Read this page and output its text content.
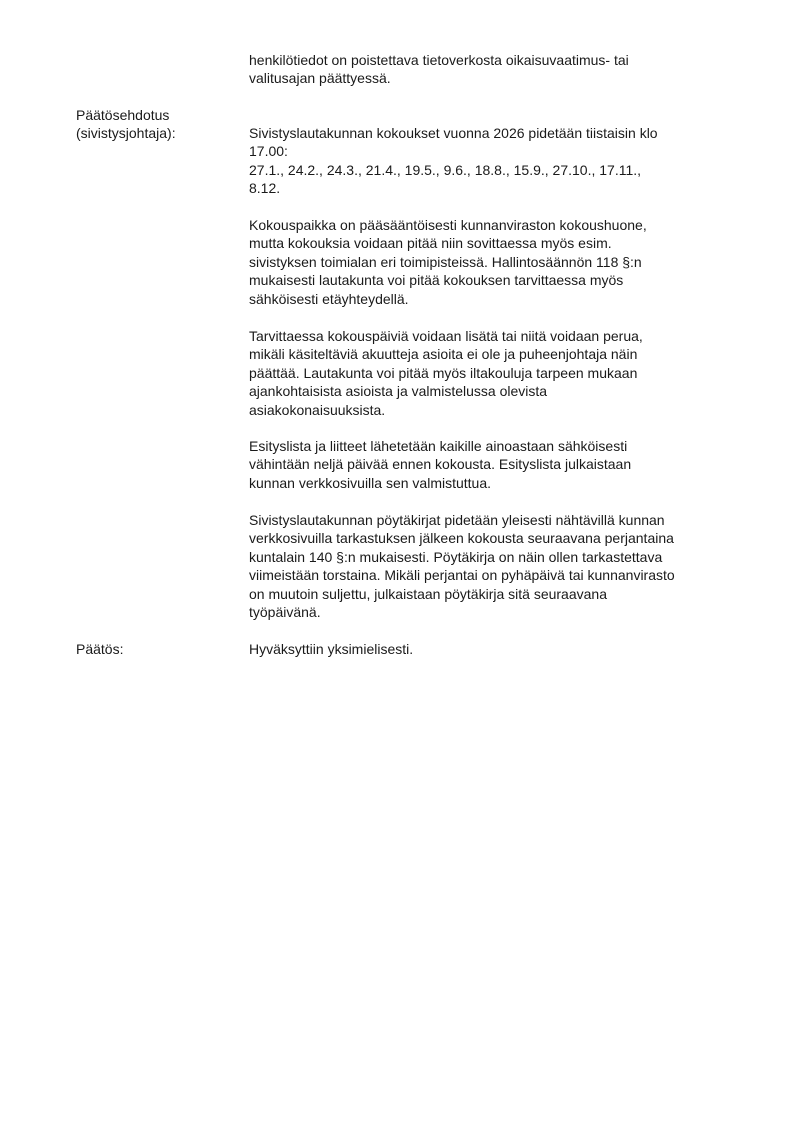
henkilötiedot on poistettava tietoverkosta oikaisuvaatimus- tai
valitusajan päättyessä.
Päätösehdotus
(sivistysjohtaja):	Sivistyslautakunnan kokoukset vuonna 2026 pidetään tiistaisin klo
17.00:
27.1., 24.2., 24.3., 21.4., 19.5., 9.6., 18.8., 15.9., 27.10., 17.11.,
8.12.
Kokouspaikka on pääsääntöisesti kunnanviraston kokoushuone,
mutta kokouksia voidaan pitää niin sovittaessa myös esim.
sivistyksen toimialan eri toimipisteissä. Hallintosäännön 118 §:n
mukaisesti lautakunta voi pitää kokouksen tarvittaessa myös
sähköisesti etäyhteydellä.
Tarvittaessa kokouspäiviä voidaan lisätä tai niitä voidaan perua,
mikäli käsiteltäviä akuutteja asioita ei ole ja puheenjohtaja näin
päättää. Lautakunta voi pitää myös iltakouluja tarpeen mukaan
ajankohtaisista asioista ja valmistelussa olevista
asiakokonaisuuksista.
Esityslista ja liitteet lähetetään kaikille ainoastaan sähköisesti
vähintään neljä päivää ennen kokousta. Esityslista julkaistaan
kunnan verkkosivuilla sen valmistuttua.
Sivistyslautakunnan pöytäkirjat pidetään yleisesti nähtävillä kunnan
verkkosivuilla tarkastuksen jälkeen kokousta seuraavana perjantaina
kuntalain 140 §:n mukaisesti. Pöytäkirja on näin ollen tarkastettava
viimeistään torstaina. Mikäli perjantai on pyhäpäivä tai kunnanvirasto
on muutoin suljettu, julkaistaan pöytäkirja sitä seuraavana
työpäivänä.
Päätös:	Hyväksyttiin yksimielisesti.
